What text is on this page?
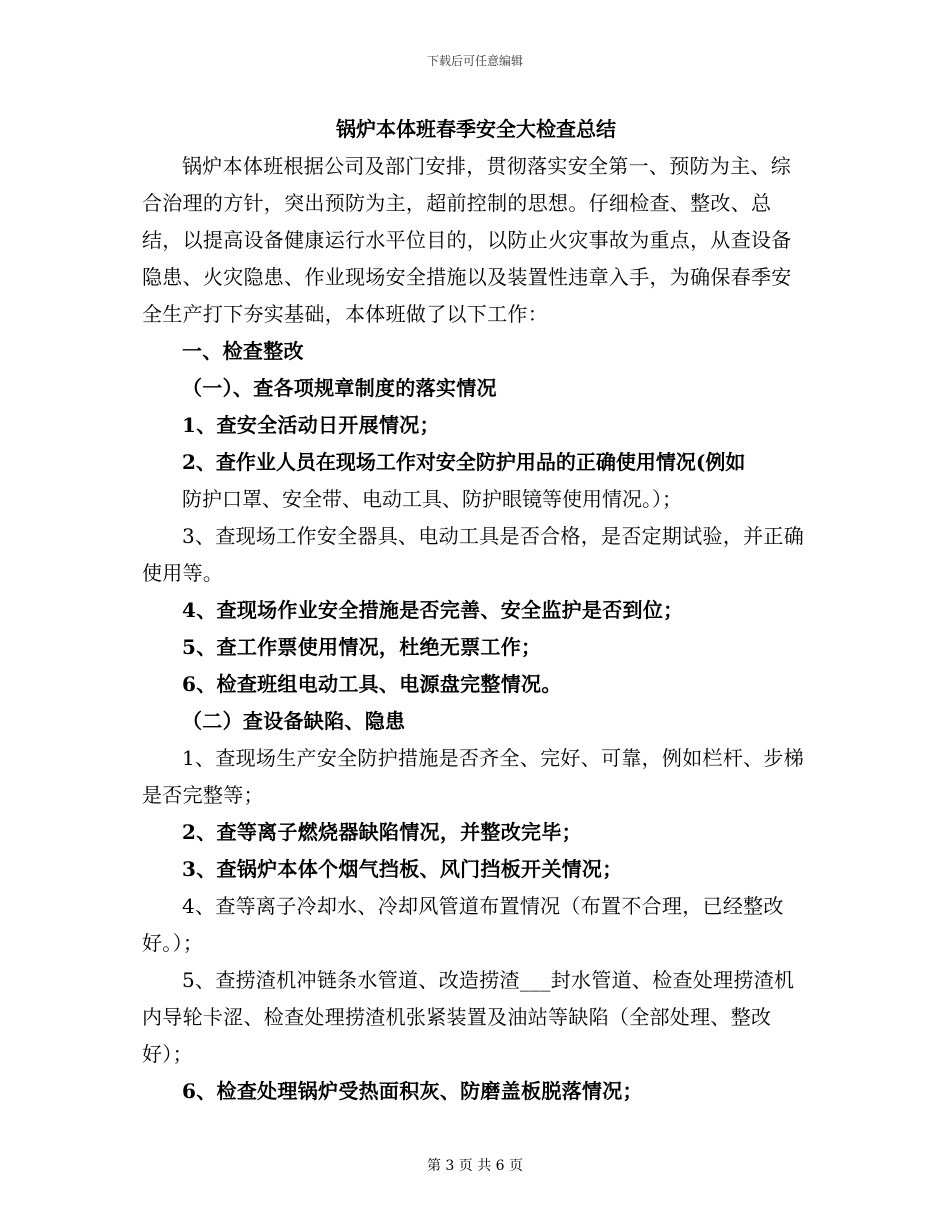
下载后可任意编辑

锅炉本体班春季安全大检查总结

锅炉本体班根据公司及部门安排，贯彻落实安全第一、预防为主、综合治理的方针，突出预防为主，超前控制的思想。仔细检查、整改、总结，以提高设备健康运行水平位目的，以防止火灾事故为重点，从查设备隐患、火灾隐患、作业现场安全措施以及装置性违章入手，为确保春季安全生产打下夯实基础，本体班做了以下工作：

一、检查整改

（一）、查各项规章制度的落实情况

1、查安全活动日开展情况；

2、查作业人员在现场工作对安全防护用品的正确使用情况(例如
防护口罩、安全带、电动工具、防护眼镜等使用情况。）；

3、查现场工作安全器具、电动工具是否合格，是否定期试验，并正确使用等。

4、查现场作业安全措施是否完善、安全监护是否到位；

5、查工作票使用情况，杜绝无票工作；

6、检查班组电动工具、电源盘完整情况。

（二）查设备缺陷、隐患

1、查现场生产安全防护措施是否齐全、完好、可靠，例如栏杆、步梯是否完整等；

2、查等离子燃烧器缺陷情况，并整改完毕；

3、查锅炉本体个烟气挡板、风门挡板开关情况；

4、查等离子冷却水、冷却风管道布置情况（布置不合理，已经整改好。）；

5、查捞渣机冲链条水管道、改造捞渣___封水管道、检查处理捞渣机内导轮卡涩、检查处理捞渣机张紧装置及油站等缺陷（全部处理、整改好）；

6、检查处理锅炉受热面积灰、防磨盖板脱落情况；

第 3 页 共 6 页
